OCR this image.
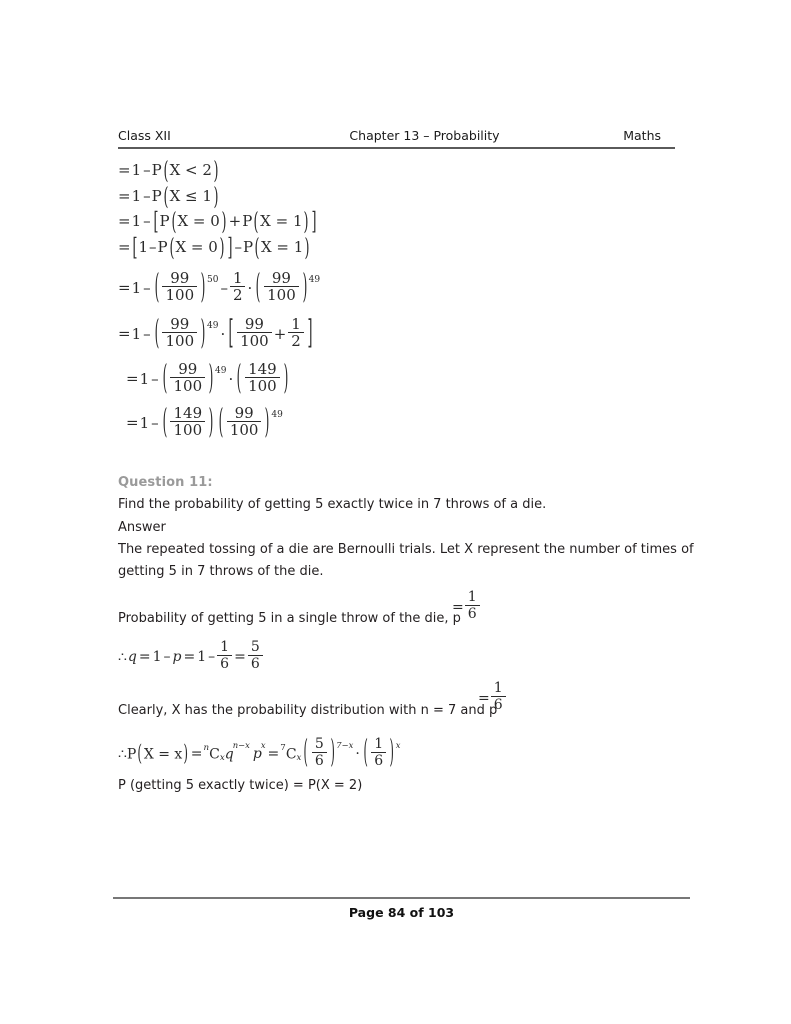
Class XII	Chapter 13 – Probability	Maths
=1 –P(X < 2)
=1 –P(X ≤ 1)
=1 – [P(X = 0) +P(X = 1) ]
=[1–P(X = 0) ] –P(X = 1)
=1 – ( $\frac{99}{100}$ ) $^{50} - \frac{1}{2}$ · ( $\frac{99}{100}$ ) $^{49}$
=1 – ( $\frac{99}{100}$ ) $^{49}$ · [ $\frac{99}{100} + \frac{1}{2}$ ]
=1 – ( $\frac{99}{100}$ ) $^{49}$ · ( $\frac{149}{100}$ )
=1 – ( $\frac{149}{100}$ ) ( $\frac{99}{100}$ ) $^{49}$
Question 11:
Find the probability of getting 5 exactly twice in 7 throws of a die.
Answer
The repeated tossing of a die are Bernoulli trials. Let X represent the number of times of
getting 5 in 7 throws of the die.
Probability of getting 5 in a single throw of the die, p
= $\frac{1}{6}$
∴q = $1 - p = 1 - \frac{1}{6} = \frac{5}{6}$
Clearly, X has the probability distribution with n = 7 and p
= $\frac{1}{6}$
∴P(X = $x) =^nC_xq^{n-x}p^x=^7C_x$ ( $\frac{5}{6}$ ) $^{7-x}$· ( $\frac{1}{6}$ ) $^x$
P (getting 5 exactly twice) = P(X = 2)
Page 84 of 103
